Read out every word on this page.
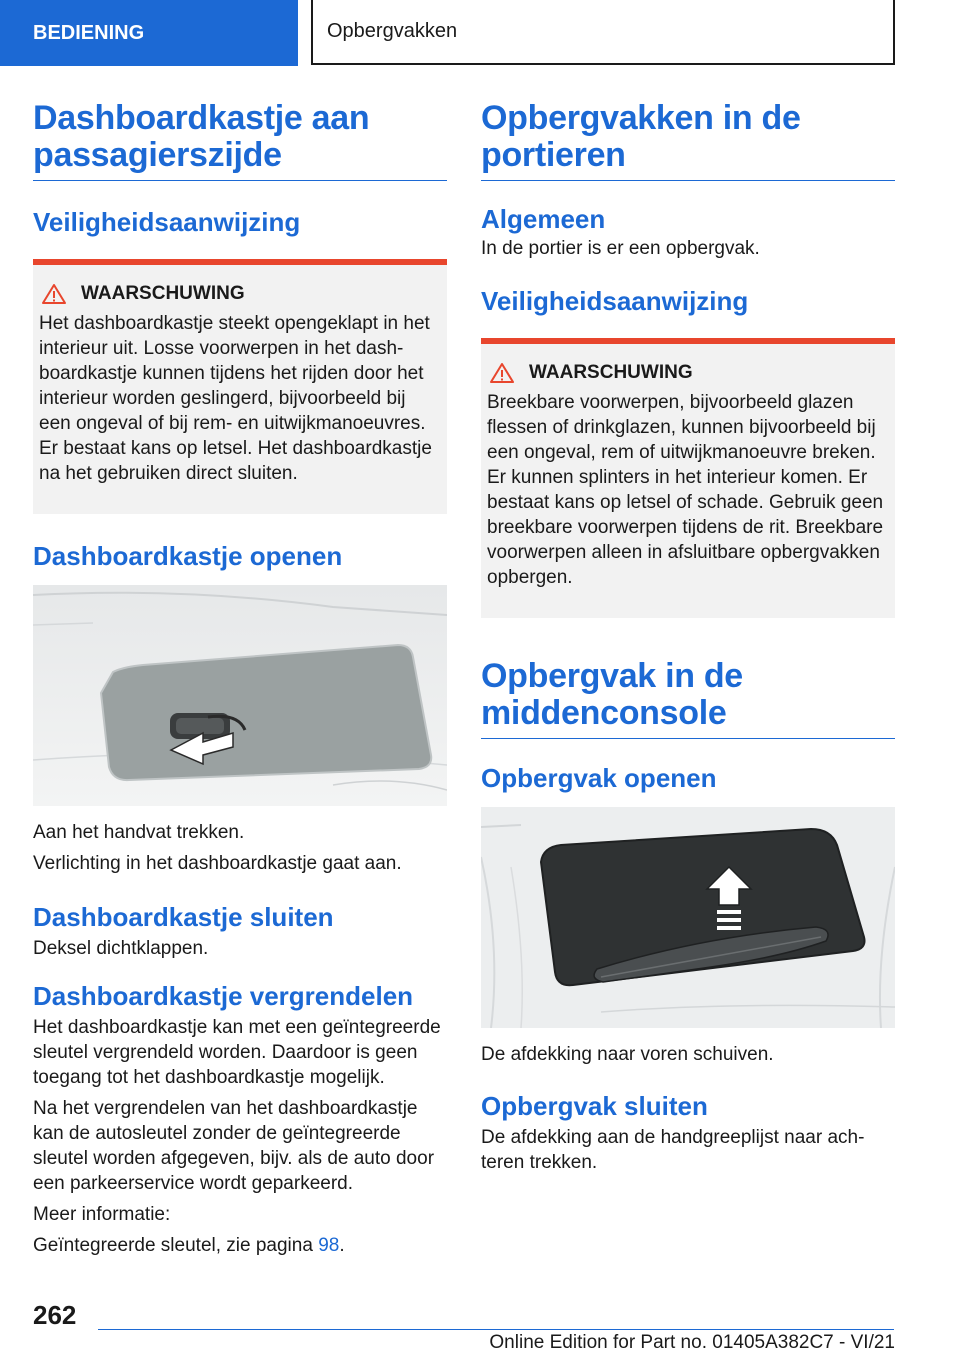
BEDIENING	Opbergvakken
Dashboardkastje aan passagierszijde
Veiligheidsaanwijzing
WAARSCHUWING

Het dashboardkastje steekt opengeklapt in het interieur uit. Losse voorwerpen in het dashboardkastje kunnen tijdens het rijden door het interieur worden geslingerd, bijvoorbeeld bij een ongeval of bij rem- en uitwijkmanoeuvres. Er bestaat kans op letsel. Het dashboardkastje na het gebruiken direct sluiten.

Dashboardkastje openen

Aan het handvat trekken.

Verlichting in het dashboardkastje gaat aan.

Dashboardkastje sluiten

Deksel dichtklappen.

Dashboardkastje vergrendelen

Het dashboardkastje kan met een geïntegreerde sleutel vergrendeld worden. Daardoor is geen toegang tot het dashboardkastje mogelijk.

Na het vergrendelen van het dashboardkastje kan de autosleutel zonder de geïntegreerde sleutel worden afgegeven, bijv. als de auto door een parkeerservice wordt geparkeerd.

Meer informatie:

Geïntegreerde sleutel, zie pagina 98.

Opbergvakken in de portieren
Algemeen

In de portier is er een opbergvak.

Veiligheidsaanwijzing
WAARSCHUWING

Breekbare voorwerpen, bijvoorbeeld glazen flessen of drinkglazen, kunnen bijvoorbeeld bij een ongeval, rem of uitwijkmanoeuvre breken. Er kunnen splinters in het interieur komen. Er bestaat kans op letsel of schade. Gebruik geen breekbare voorwerpen tijdens de rit. Breekbare voorwerpen alleen in afsluitbare opbergvakken opbergen.

Opbergvak in de middenconsole
Opbergvak openen

De afdekking naar voren schuiven.

Opbergvak sluiten

De afdekking aan de handgreeplijst naar achteren trekken.

262
Online Edition for Part no. 01405A382C7 - VI/21
